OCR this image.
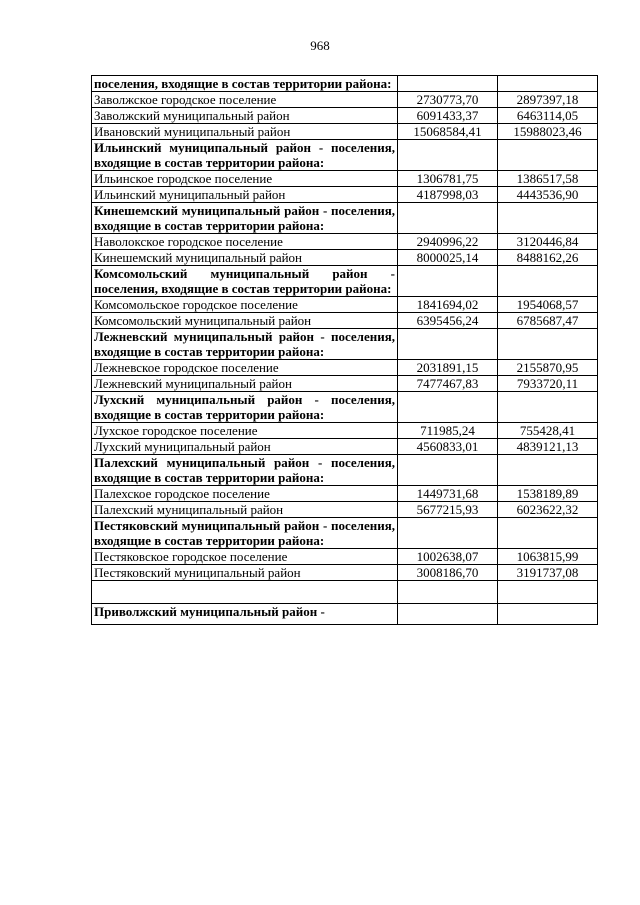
968
поселения, входящие в состав территории района:		
Заволжское городское поселение	2730773,70	2897397,18
Заволжский муниципальный район	6091433,37	6463114,05
Ивановский муниципальный район	15068584,41	15988023,46
Ильинский муниципальный район - поселения, входящие в состав территории района:		
Ильинское городское поселение	1306781,75	1386517,58
Ильинский муниципальный район	4187998,03	4443536,90
Кинешемский муниципальный район - поселения, входящие в состав территории района:		
Наволокское городское поселение	2940996,22	3120446,84
Кинешемский муниципальный район	8000025,14	8488162,26
Комсомольский муниципальный район - поселения, входящие в состав территории района:		
Комсомольское городское поселение	1841694,02	1954068,57
Комсомольский муниципальный район	6395456,24	6785687,47
Лежневский муниципальный район - поселения, входящие в состав территории района:		
Лежневское городское поселение	2031891,15	2155870,95
Лежневский муниципальный район	7477467,83	7933720,11
Лухский муниципальный район - поселения, входящие в состав территории района:		
Лухское городское поселение	711985,24	755428,41
Лухский муниципальный район	4560833,01	4839121,13
Палехский муниципальный район - поселения, входящие в состав территории района:		
Палехское городское поселение	1449731,68	1538189,89
Палехский муниципальный район	5677215,93	6023622,32
Пестяковский муниципальный район - поселения, входящие в состав территории района:		
Пестяковское городское поселение	1002638,07	1063815,99
Пестяковский муниципальный район	3008186,70	3191737,08

Приволжский муниципальный район -		
